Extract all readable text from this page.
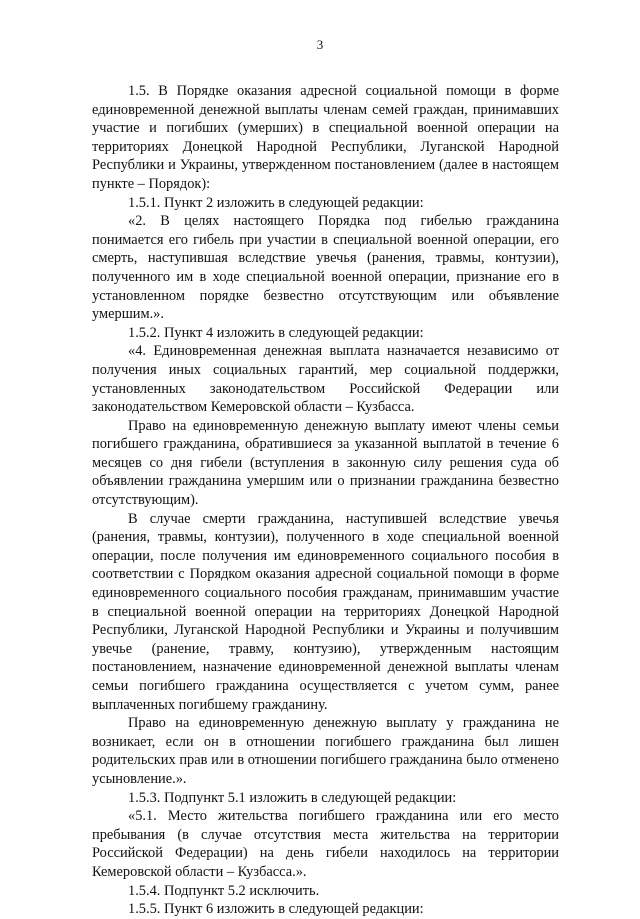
3

1.5. В Порядке оказания адресной социальной помощи в форме единовременной денежной выплаты членам семей граждан, принимавших участие и погибших (умерших) в специальной военной операции на территориях Донецкой Народной Республики, Луганской Народной Республики и Украины, утвержденном постановлением (далее в настоящем пункте – Порядок):

1.5.1. Пункт 2 изложить в следующей редакции:

«2. В целях настоящего Порядка под гибелью гражданина понимается его гибель при участии в специальной военной операции, его смерть, наступившая вследствие увечья (ранения, травмы, контузии), полученного им в ходе специальной военной операции, признание его в установленном порядке безвестно отсутствующим или объявление умершим.».

1.5.2. Пункт 4 изложить в следующей редакции:

«4. Единовременная денежная выплата назначается независимо от получения иных социальных гарантий, мер социальной поддержки, установленных законодательством Российской Федерации или законодательством Кемеровской области – Кузбасса.

Право на единовременную денежную выплату имеют члены семьи погибшего гражданина, обратившиеся за указанной выплатой в течение 6 месяцев со дня гибели (вступления в законную силу решения суда об объявлении гражданина умершим или о признании гражданина безвестно отсутствующим).

В случае смерти гражданина, наступившей вследствие увечья (ранения, травмы, контузии), полученного в ходе специальной военной операции, после получения им единовременного социального пособия в соответствии с Порядком оказания адресной социальной помощи в форме единовременного социального пособия гражданам, принимавшим участие в специальной военной операции на территориях Донецкой Народной Республики, Луганской Народной Республики и Украины и получившим увечье (ранение, травму, контузию), утвержденным настоящим постановлением, назначение единовременной денежной выплаты членам семьи погибшего гражданина осуществляется с учетом сумм, ранее выплаченных погибшему гражданину.

Право на единовременную денежную выплату у гражданина не возникает, если он в отношении погибшего гражданина был лишен родительских прав или в отношении погибшего гражданина было отменено усыновление.».

1.5.3. Подпункт 5.1 изложить в следующей редакции:

«5.1. Место жительства погибшего гражданина или его место пребывания (в случае отсутствия места жительства на территории Российской Федерации) на день гибели находилось на территории Кемеровской области – Кузбасса.».

1.5.4. Подпункт 5.2 исключить.

1.5.5. Пункт 6 изложить в следующей редакции:
